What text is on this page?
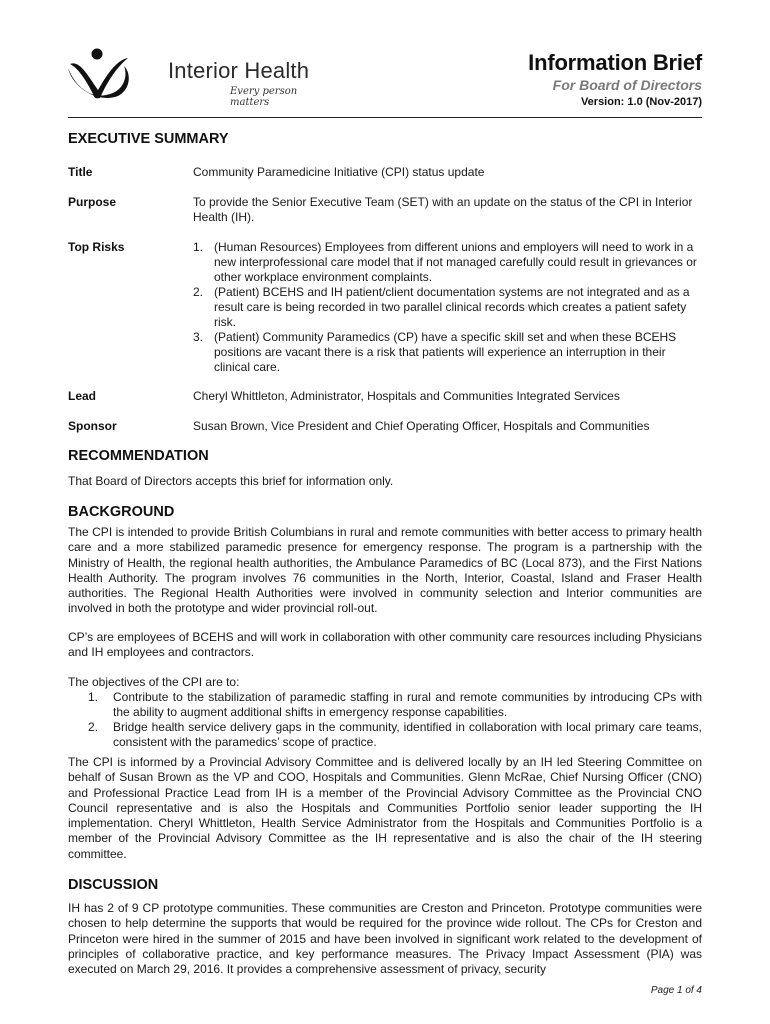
Interior Health
Every person matters
Information Brief
For Board of Directors
Version: 1.0 (Nov-2017)
EXECUTIVE SUMMARY
Title	Community Paramedicine Initiative (CPI) status update
Purpose	To provide the Senior Executive Team (SET) with an update on the status of the CPI in Interior Health (IH).
Top Risks	1. (Human Resources) Employees from different unions and employers will need to work in a new interprofessional care model that if not managed carefully could result in grievances or other workplace environment complaints.
2. (Patient) BCEHS and IH patient/client documentation systems are not integrated and as a result care is being recorded in two parallel clinical records which creates a patient safety risk.
3. (Patient) Community Paramedics (CP) have a specific skill set and when these BCEHS positions are vacant there is a risk that patients will experience an interruption in their clinical care.
Lead	Cheryl Whittleton, Administrator, Hospitals and Communities Integrated Services
Sponsor	Susan Brown, Vice President and Chief Operating Officer, Hospitals and Communities
RECOMMENDATION

That Board of Directors accepts this brief for information only.

BACKGROUND

The CPI is intended to provide British Columbians in rural and remote communities with better access to primary health care and a more stabilized paramedic presence for emergency response. The program is a partnership with the Ministry of Health, the regional health authorities, the Ambulance Paramedics of BC (Local 873), and the First Nations Health Authority. The program involves 76 communities in the North, Interior, Coastal, Island and Fraser Health authorities. The Regional Health Authorities were involved in community selection and Interior communities are involved in both the prototype and wider provincial roll-out.

CP’s are employees of BCEHS and will work in collaboration with other community care resources including Physicians and IH employees and contractors.

The objectives of the CPI are to:

1. Contribute to the stabilization of paramedic staffing in rural and remote communities by introducing CPs with the ability to augment additional shifts in emergency response capabilities.
2. Bridge health service delivery gaps in the community, identified in collaboration with local primary care teams, consistent with the paramedics’ scope of practice.

The CPI is informed by a Provincial Advisory Committee and is delivered locally by an IH led Steering Committee on behalf of Susan Brown as the VP and COO, Hospitals and Communities. Glenn McRae, Chief Nursing Officer (CNO) and Professional Practice Lead from IH is a member of the Provincial Advisory Committee as the Provincial CNO Council representative and is also the Hospitals and Communities Portfolio senior leader supporting the IH implementation. Cheryl Whittleton, Health Service Administrator from the Hospitals and Communities Portfolio is a member of the Provincial Advisory Committee as the IH representative and is also the chair of the IH steering committee.

DISCUSSION

IH has 2 of 9 CP prototype communities. These communities are Creston and Princeton. Prototype communities were chosen to help determine the supports that would be required for the province wide rollout. The CPs for Creston and Princeton were hired in the summer of 2015 and have been involved in significant work related to the development of principles of collaborative practice, and key performance measures. The Privacy Impact Assessment (PIA) was executed on March 29, 2016. It provides a comprehensive assessment of privacy, security

Page 1 of 4
